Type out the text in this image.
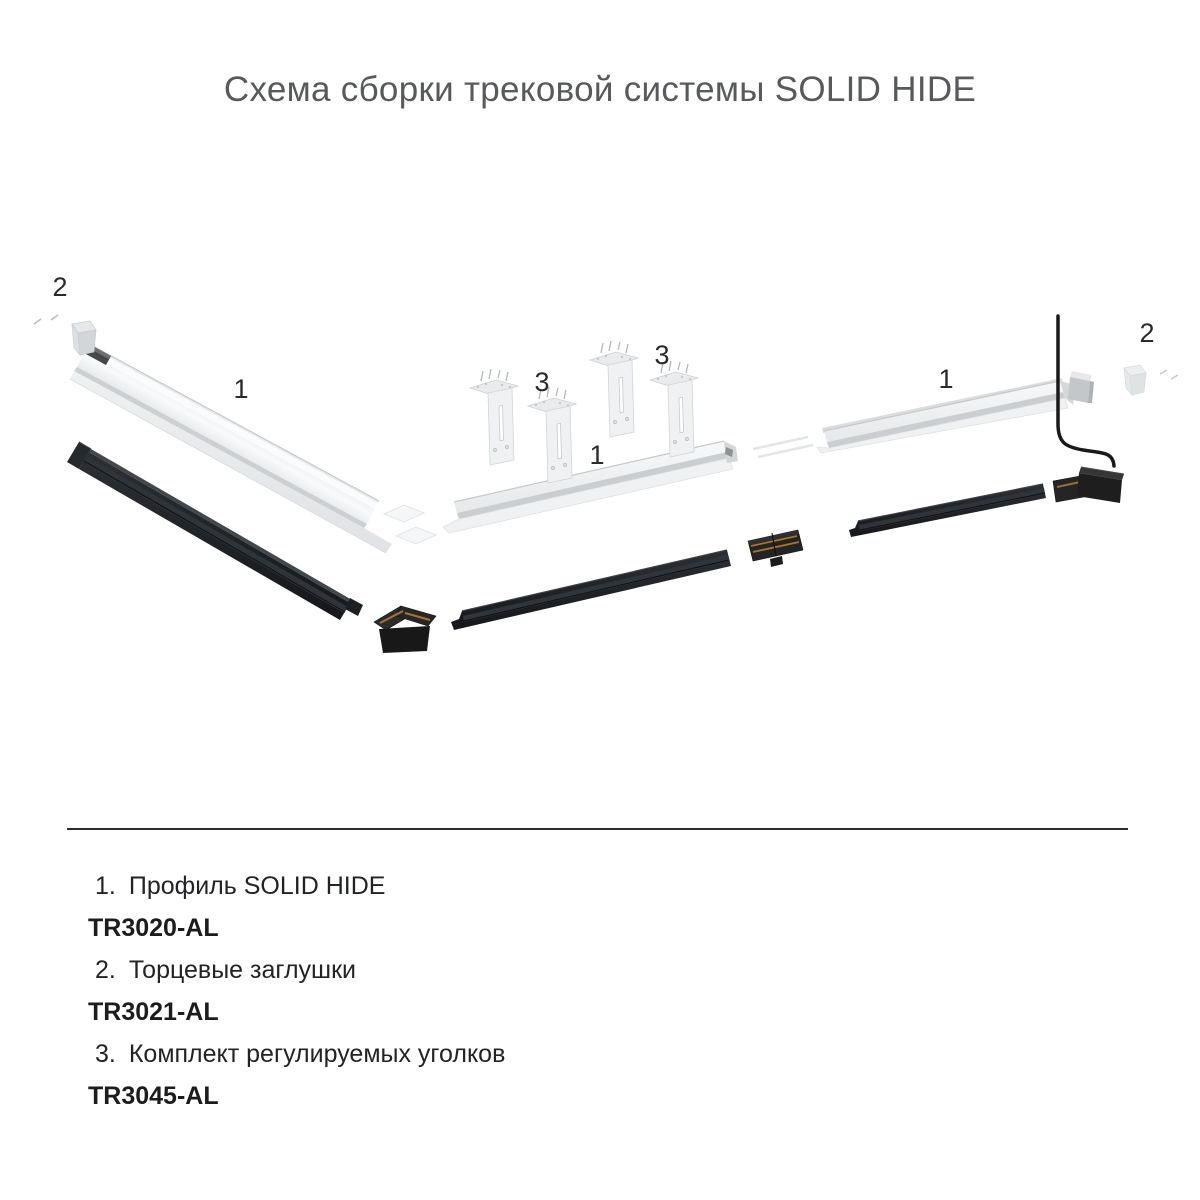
Схема сборки трековой системы SOLID HIDE
2
1	3
3
1
1
2
1. Профиль SOLID HIDE
TR3020-AL
2. Торцевые заглушки
TR3021-AL
3. Комплект регулируемых уголков
TR3045-AL
